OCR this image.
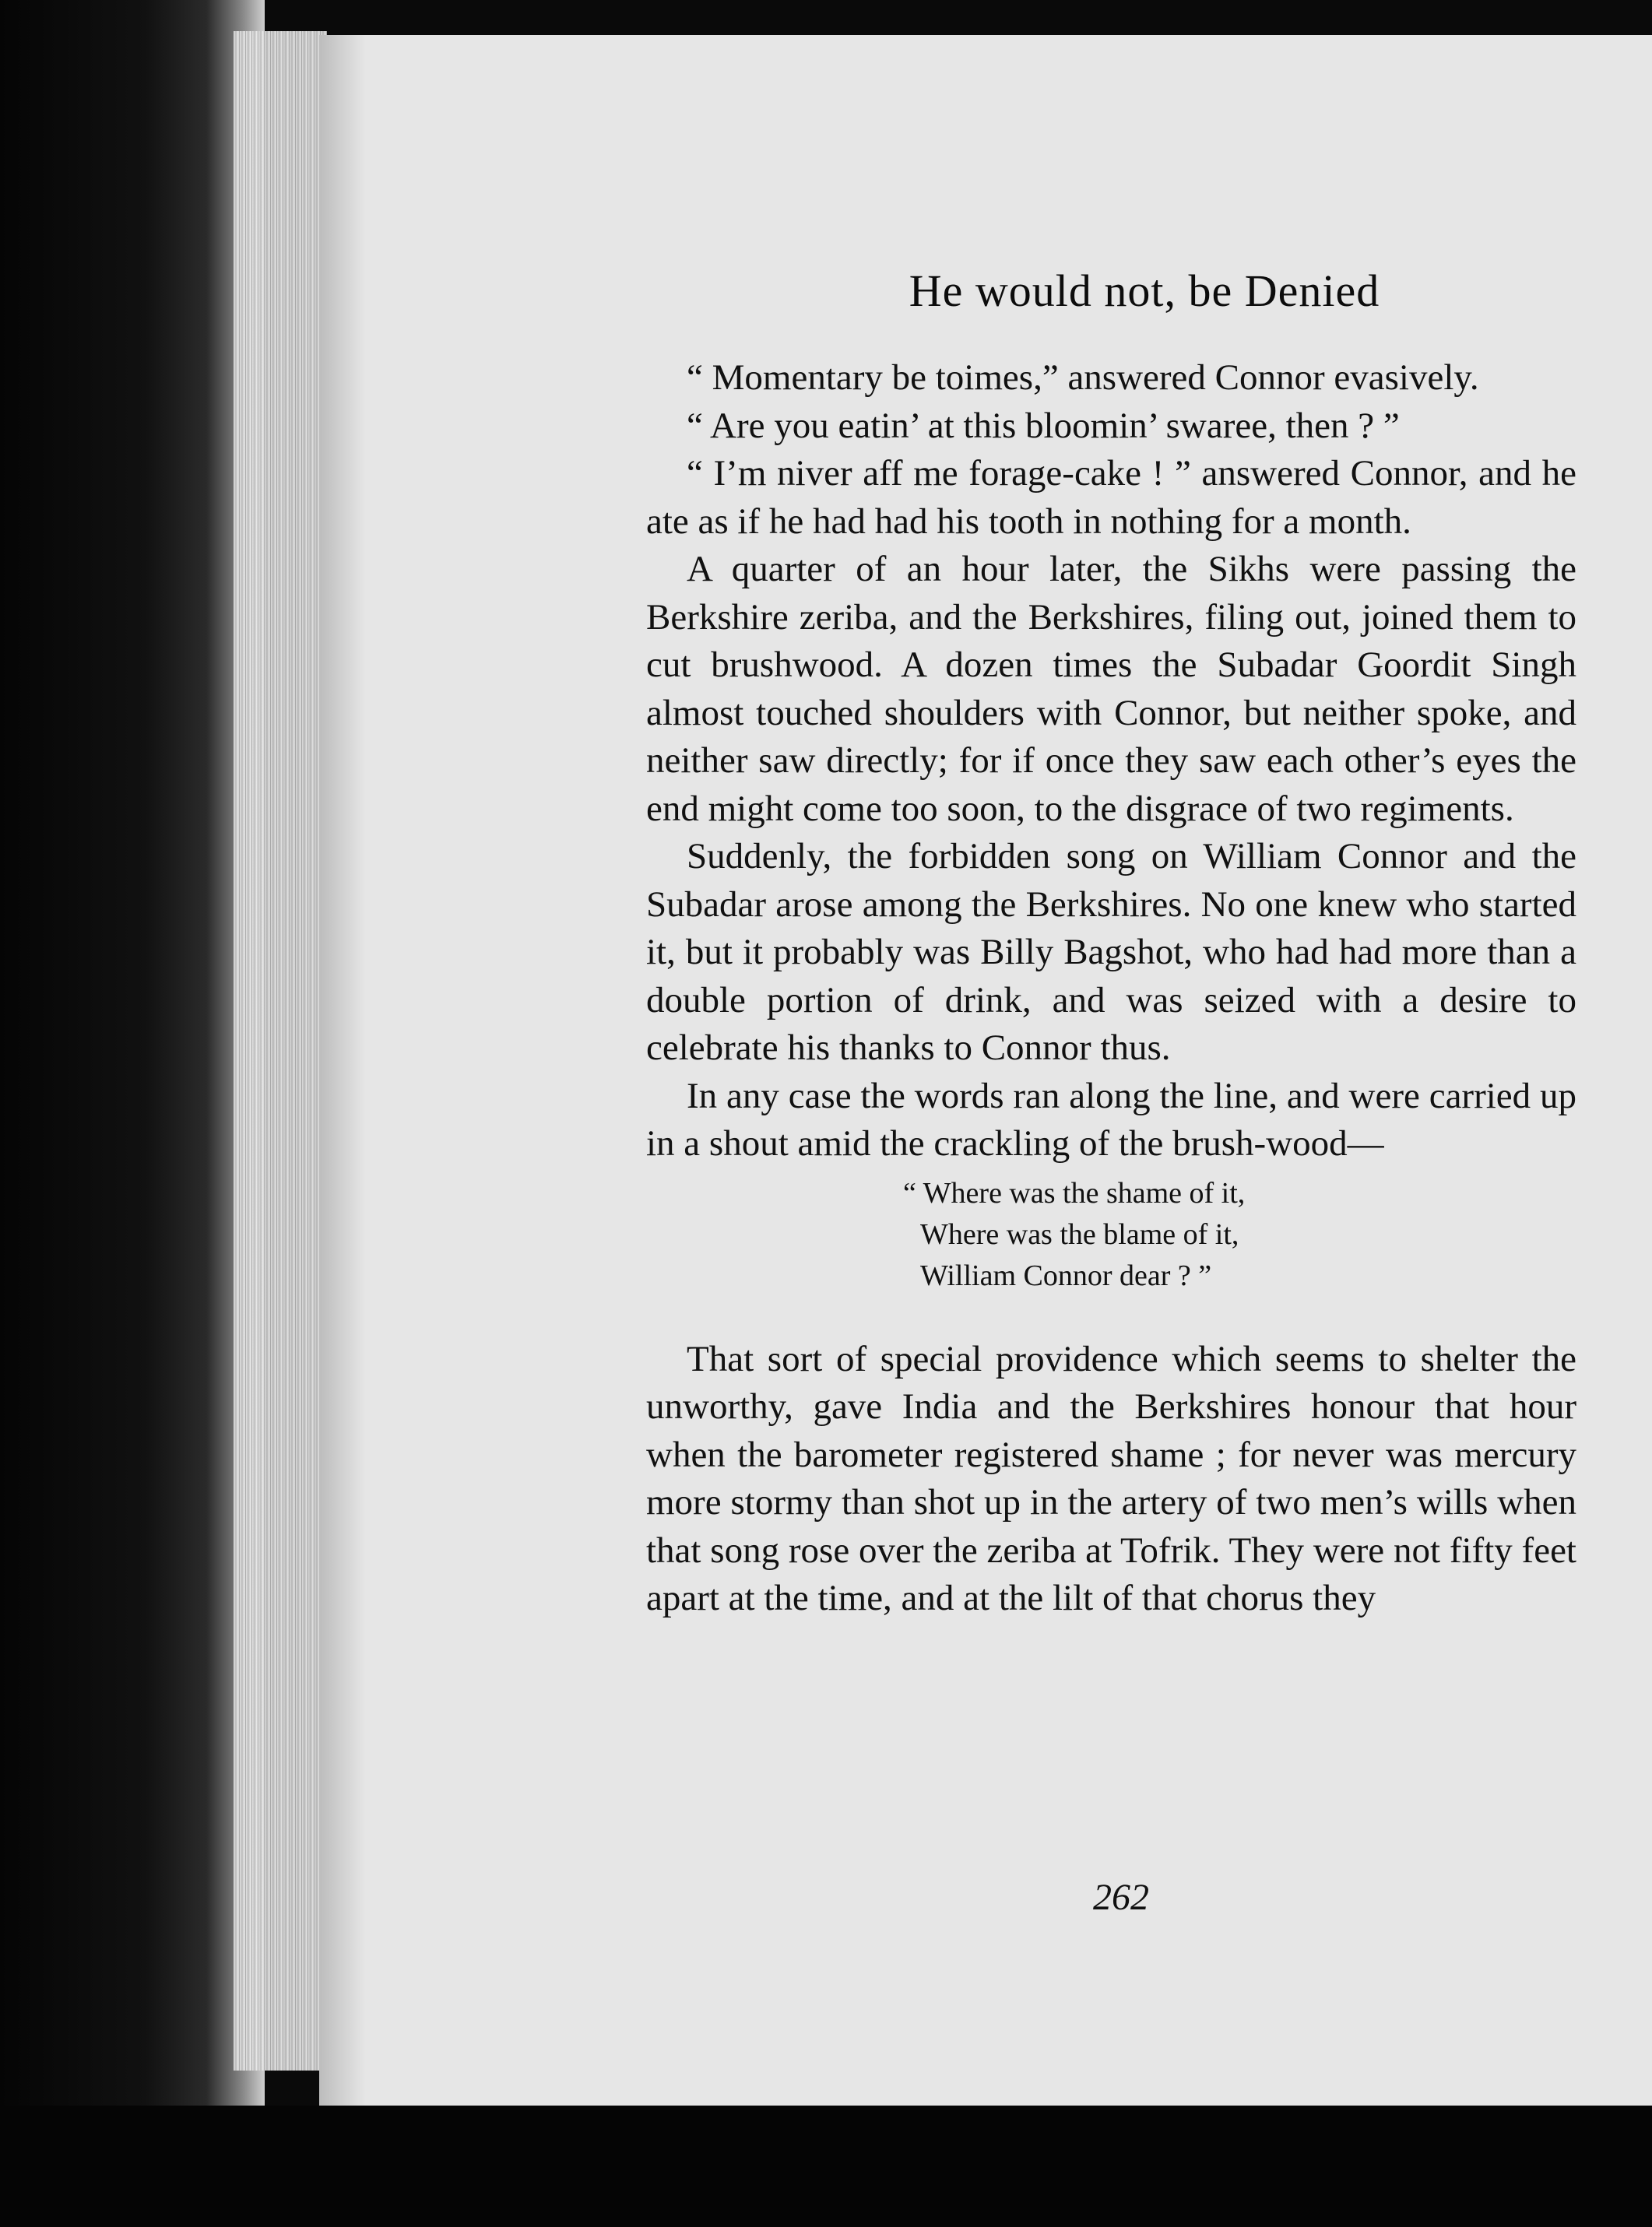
He would not, be Denied

“ Momentary be toimes,” answered Connor evasively.

“ Are you eatin’ at this bloomin’ swaree, then ? ”

“ I’m niver aff me forage-cake ! ” answered Connor, and he ate as if he had had his tooth in nothing for a month.

A quarter of an hour later, the Sikhs were passing the Berkshire zeriba, and the Berkshires, filing out, joined them to cut brushwood. A dozen times the Subadar Goordit Singh almost touched shoulders with Connor, but neither spoke, and neither saw directly; for if once they saw each other’s eyes the end might come too soon, to the disgrace of two regiments.

Suddenly, the forbidden song on William Connor and the Subadar arose among the Berkshires. No one knew who started it, but it probably was Billy Bagshot, who had had more than a double portion of drink, and was seized with a desire to celebrate his thanks to Connor thus.

In any case the words ran along the line, and were carried up in a shout amid the crackling of the brush-wood—

“ Where was the shame of it,
Where was the blame of it,
William Connor dear ? ”

That sort of special providence which seems to shelter the unworthy, gave India and the Berkshires honour that hour when the barometer registered shame ; for never was mercury more stormy than shot up in the artery of two men’s wills when that song rose over the zeriba at Tofrik. They were not fifty feet apart at the time, and at the lilt of that chorus they

262
